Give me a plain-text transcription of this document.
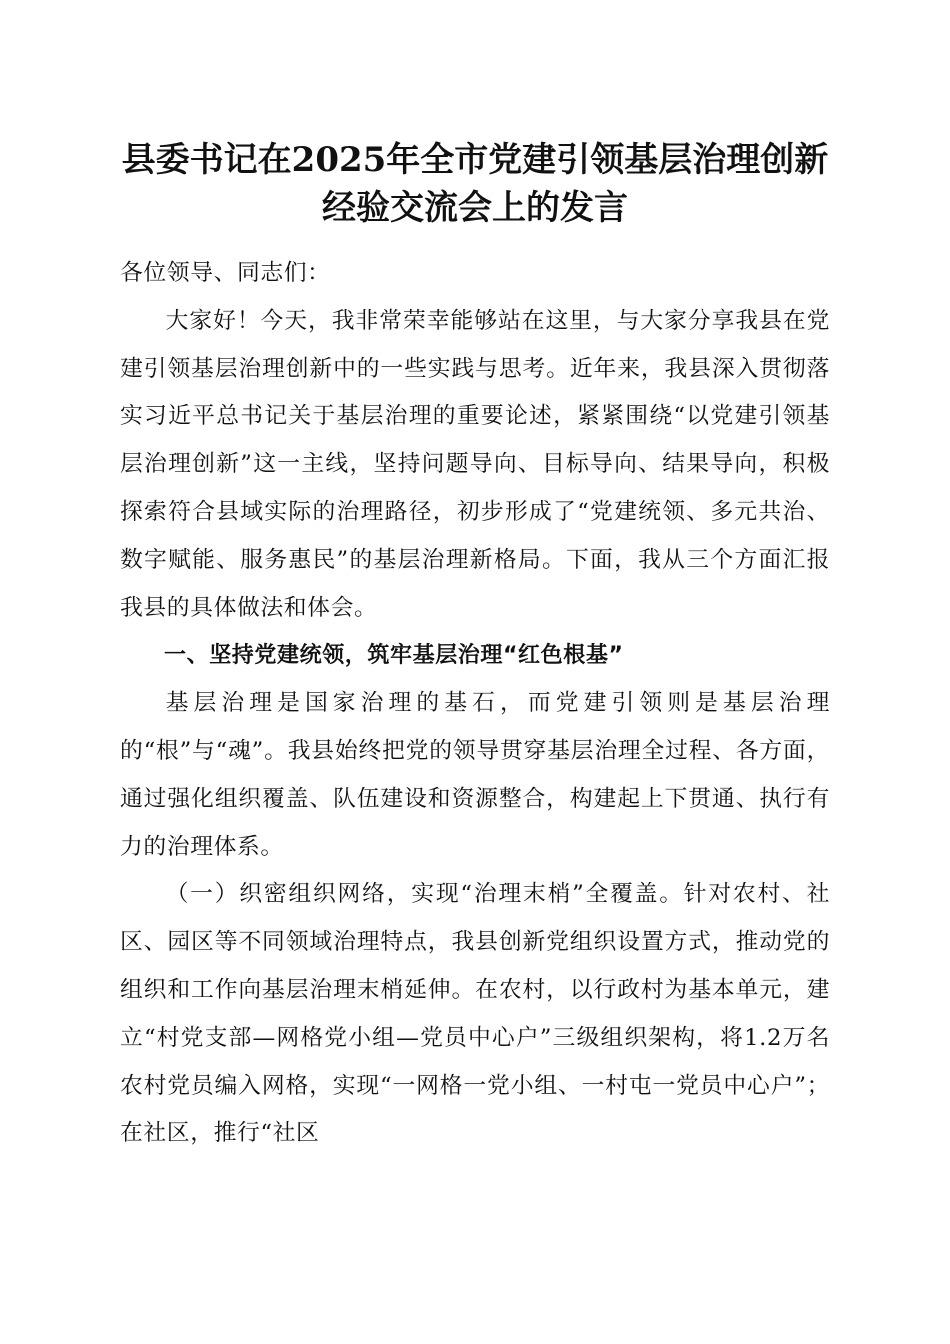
县委书记在2025年全市党建引领基层治理创新经验交流会上的发言

各位领导、同志们：

大家好！今天，我非常荣幸能够站在这里，与大家分享我县在党建引领基层治理创新中的一些实践与思考。近年来，我县深入贯彻落实习近平总书记关于基层治理的重要论述，紧紧围绕“以党建引领基层治理创新”这一主线，坚持问题导向、目标导向、结果导向，积极探索符合县域实际的治理路径，初步形成了“党建统领、多元共治、数字赋能、服务惠民”的基层治理新格局。下面，我从三个方面汇报我县的具体做法和体会。

一、坚持党建统领，筑牢基层治理“红色根基”

基层治理是国家治理的基石，而党建引领则是基层治理的“根”与“魂”。我县始终把党的领导贯穿基层治理全过程、各方面，通过强化组织覆盖、队伍建设和资源整合，构建起上下贯通、执行有力的治理体系。

（一）织密组织网络，实现“治理末梢”全覆盖。针对农村、社区、园区等不同领域治理特点，我县创新党组织设置方式，推动党的组织和工作向基层治理末梢延伸。在农村，以行政村为基本单元，建立“村党支部—网格党小组—党员中心户”三级组织架构，将1.2万名农村党员编入网格，实现“一网格一党小组、一村屯一党员中心户”；在社区，推行“社区
